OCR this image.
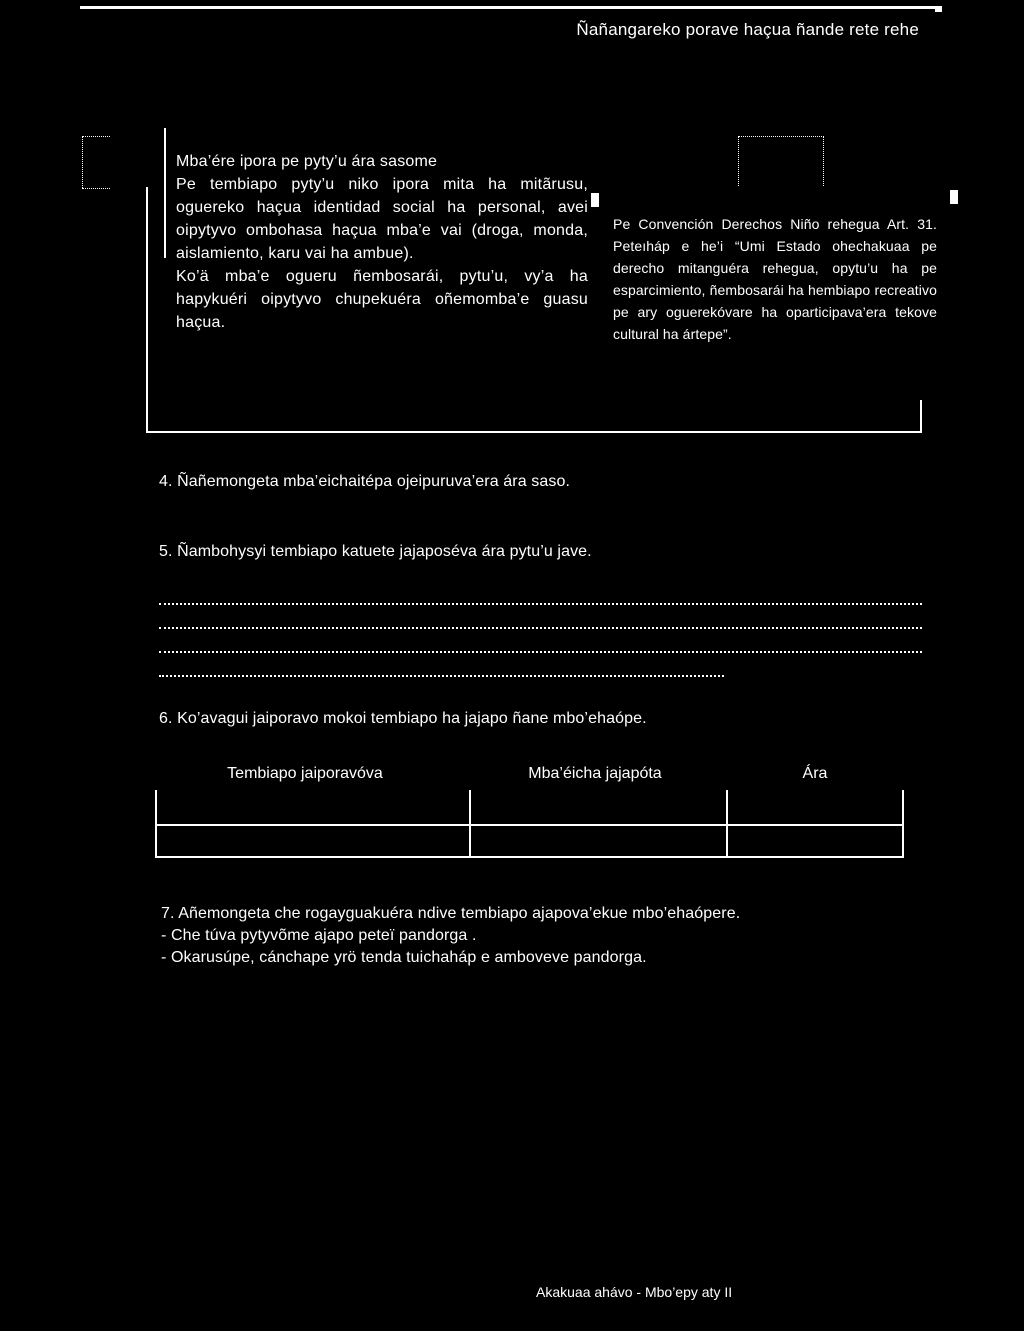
Ñañangareko porave haçua ñande rete rehe
Mba’ére ipora pe pyty’u ára sasome
Pe tembiapo pyty’u niko ipora mita ha mitãrusu, oguereko haçua identidad social ha personal, avei oipytyvo ombohasa haçua mba’e vai (droga, monda, aislamiento, karu vai ha ambue).
Ko’ä mba’e ogueru ñembosarái, pytu’u, vy’a ha hapykuéri oipytyvo chupekuéra oñemomba’e guasu haçua.
Pe Convención Derechos Niño rehegua Art. 31. Peteıháp e he’i “Umi Estado ohechakuaa pe derecho mitanguéra rehegua, opytu’u ha pe esparcimiento, ñembosarái ha hembiapo recreativo pe ary oguerekóvare ha oparticipava’era tekove cultural ha ártepe”.
4. Ñañemongeta mba’eichaitépa ojeipuruva’era ára saso.
5. Ñambohysyi tembiapo katuete jajaposéva ára pytu’u jave.
6. Ko’avagui jaiporavo mokoi tembiapo ha jajapo ñane mbo’ehaópe.
Tembiapo jaiporavóva	Mba’éicha jajapóta	Ára
7. Añemongeta che rogayguakuéra ndive tembiapo ajapova’ekue mbo’ehaópere.
- Che túva pytyvõme ajapo peteï pandorga .
- Okarusúpe, cánchape yrö tenda tuichaháp e amboveve pandorga.
Akakuaa ahávo - Mbo’epy aty II
